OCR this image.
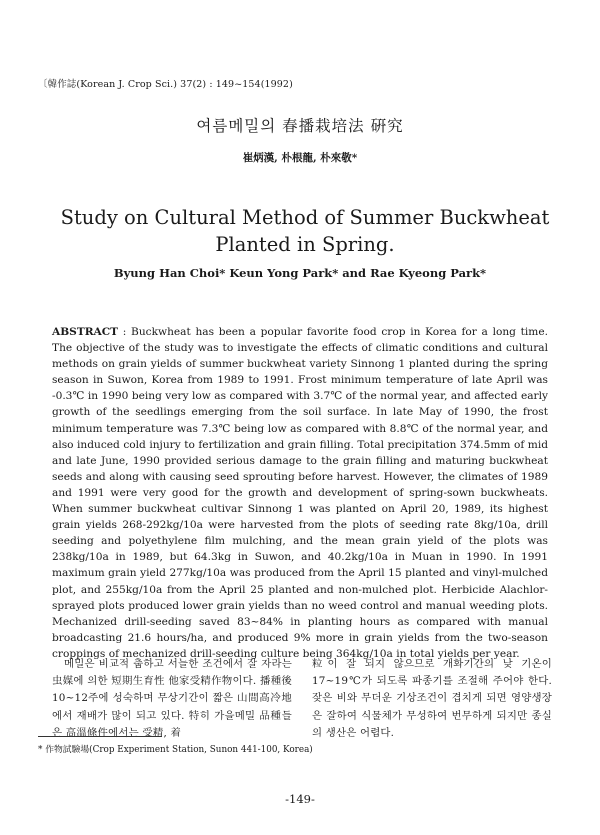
〔韓作誌(Korean J. Crop Sci.) 37(2) : 149~154(1992)
여름메밀의 春播栽培法 硏究
崔炳漢, 朴根龍, 朴來敬*
Study on Cultural Method of Summer Buckwheat Planted in Spring.
Byung Han Choi* Keun Yong Park* and Rae Kyeong Park*
ABSTRACT : Buckwheat has been a popular favorite food crop in Korea for a long time. The objective of the study was to investigate the effects of climatic conditions and cultural methods on grain yields of summer buckwheat variety Sinnong 1 planted during the spring season in Suwon, Korea from 1989 to 1991. Frost minimum temperature of late April was -0.3℃ in 1990 being very low as compared with 3.7℃ of the normal year, and affected early growth of the seedlings emerging from the soil surface. In late May of 1990, the frost minimum temperature was 7.3℃ being low as compared with 8.8℃ of the normal year, and also induced cold injury to fertilization and grain filling. Total precipitation 374.5mm of mid and late June, 1990 provided serious damage to the grain filling and maturing buckwheat seeds and along with causing seed sprouting before harvest. However, the climates of 1989 and 1991 were very good for the growth and development of spring-sown buckwheats. When summer buckwheat cultivar Sinnong 1 was planted on April 20, 1989, its highest grain yields 268-292kg/10a were harvested from the plots of seeding rate 8kg/10a, drill seeding and polyethylene film mulching, and the mean grain yield of the plots was 238kg/10a in 1989, but 64.3kg in Suwon, and 40.2kg/10a in Muan in 1990. In 1991 maximum grain yield 277kg/10a was produced from the April 15 planted and vinyl-mulched plot, and 255kg/10a from the April 25 planted and non-mulched plot. Herbicide Alachlor-sprayed plots produced lower grain yields than no weed control and manual weeding plots. Mechanized drill-seeding saved 83~84% in planting hours as compared with manual broadcasting 21.6 hours/ha, and produced 9% more in grain yields from the two-season croppings of mechanized drill-seeding culture being 364kg/10a in total yields per year.
메밀은 비교적 춥하고 서늘한 조건에서 잘 자라는 虫媒에 의한 短期生育性 他家受精作物이다. 播種後 10~12주에 성숙하며 무상기간이 짧은 山間高冷地에서 재배가 많이 되고 있다. 特히 가을메밀 品種들은 高溫條件에서는 受精, 着
粒이 잘 되지 않으므로 개화기간의 낮 기온이 17~19℃가 되도록 파종기를 조절해 주어야 한다. 잦은 비와 무더운 기상조건이 겹치게 되면 영양생장은 잘하여 식물체가 무성하여 번무하게 되지만 종실의 생산은 어렵다.
* 作物試驗場(Crop Experiment Station, Sunon 441-100, Korea)
-149-
